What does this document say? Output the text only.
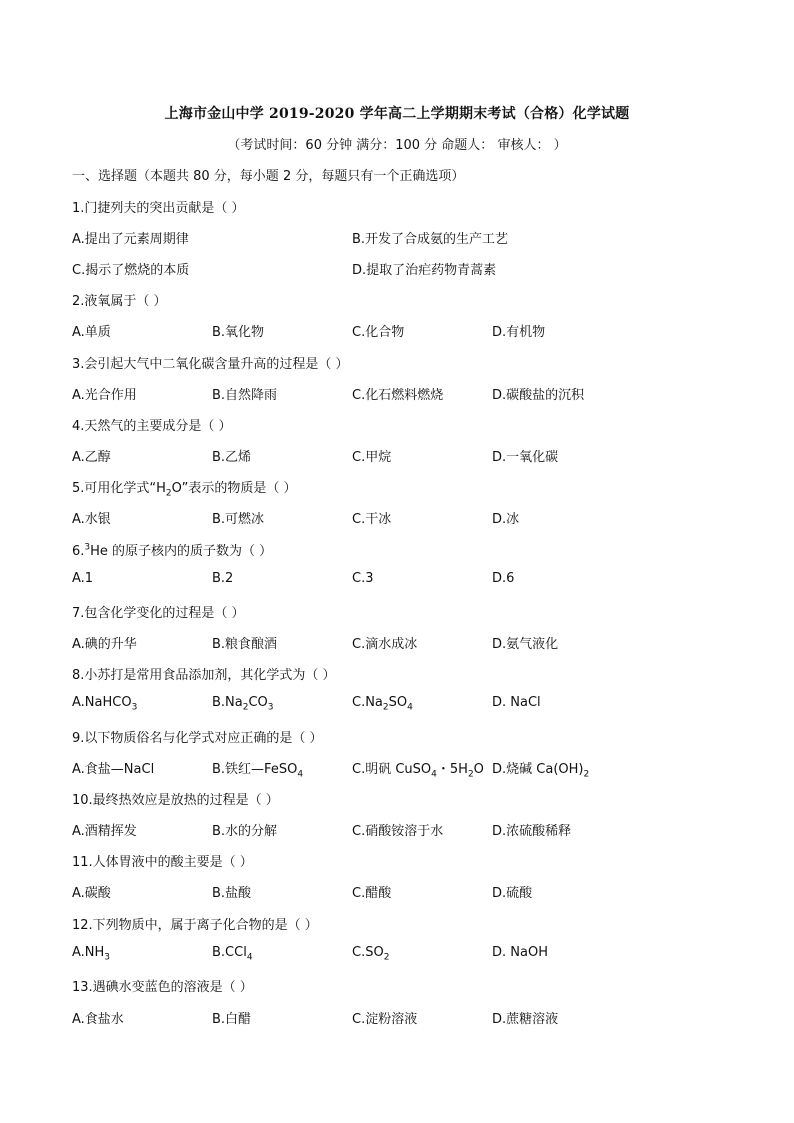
上海市金山中学 2019-2020 学年高二上学期期末考试（合格）化学试题
（考试时间：60 分钟 满分：100 分 命题人： 审核人： ）
一、选择题（本题共 80 分，每小题 2 分，每题只有一个正确选项）
1.门捷列夫的突出贡献是（ ）
A.提出了元素周期律	B.开发了合成氨的生产工艺
C.揭示了燃烧的本质	D.提取了治疟药物青蒿素
2.液氧属于（ ）
A.单质	B.氧化物	C.化合物	D.有机物
3.会引起大气中二氧化碳含量升高的过程是（ ）
A.光合作用	B.自然降雨	C.化石燃料燃烧	D.碳酸盐的沉积
4.天然气的主要成分是（ ）
A.乙醇	B.乙烯	C.甲烷	D.一氧化碳
5.可用化学式“$H_2O$”表示的物质是（ ）
A.水银	B.可燃冰	C.干冰	D.冰
6.$^3$He 的原子核内的质子数为（ ）
A.1	B.2	C.3	D.6
7.包含化学变化的过程是（ ）
A.碘的升华	B.粮食酿酒	C.滴水成冰	D.氨气液化
8.小苏打是常用食品添加剂，其化学式为（ ）
A.NaHCO$_3$	$B.Na_2CO_3$	$C.Na_2SO_4$	D. NaCl
9.以下物质俗名与化学式对应正确的是（ ）
A.食盐—NaCl	B.铁红—FeSO$_4$	C.明矾 CuSO$_4$・$5H_2O$ D.烧碱 $Ca(OH)_2$
10.最终热效应是放热的过程是（ ）
A.酒精挥发	B.水的分解	C.硝酸铵溶于水	D.浓硫酸稀释
11.人体胃液中的酸主要是（ ）
A.碳酸	B.盐酸	C.醋酸	D.硫酸
12.下列物质中，属于离子化合物的是（ ）
$A.NH_3$	B.CCl$_4$	$C.SO_2$	D. NaOH
13.遇碘水变蓝色的溶液是（ ）
A.食盐水	B.白醋	C.淀粉溶液	D.蔗糖溶液
